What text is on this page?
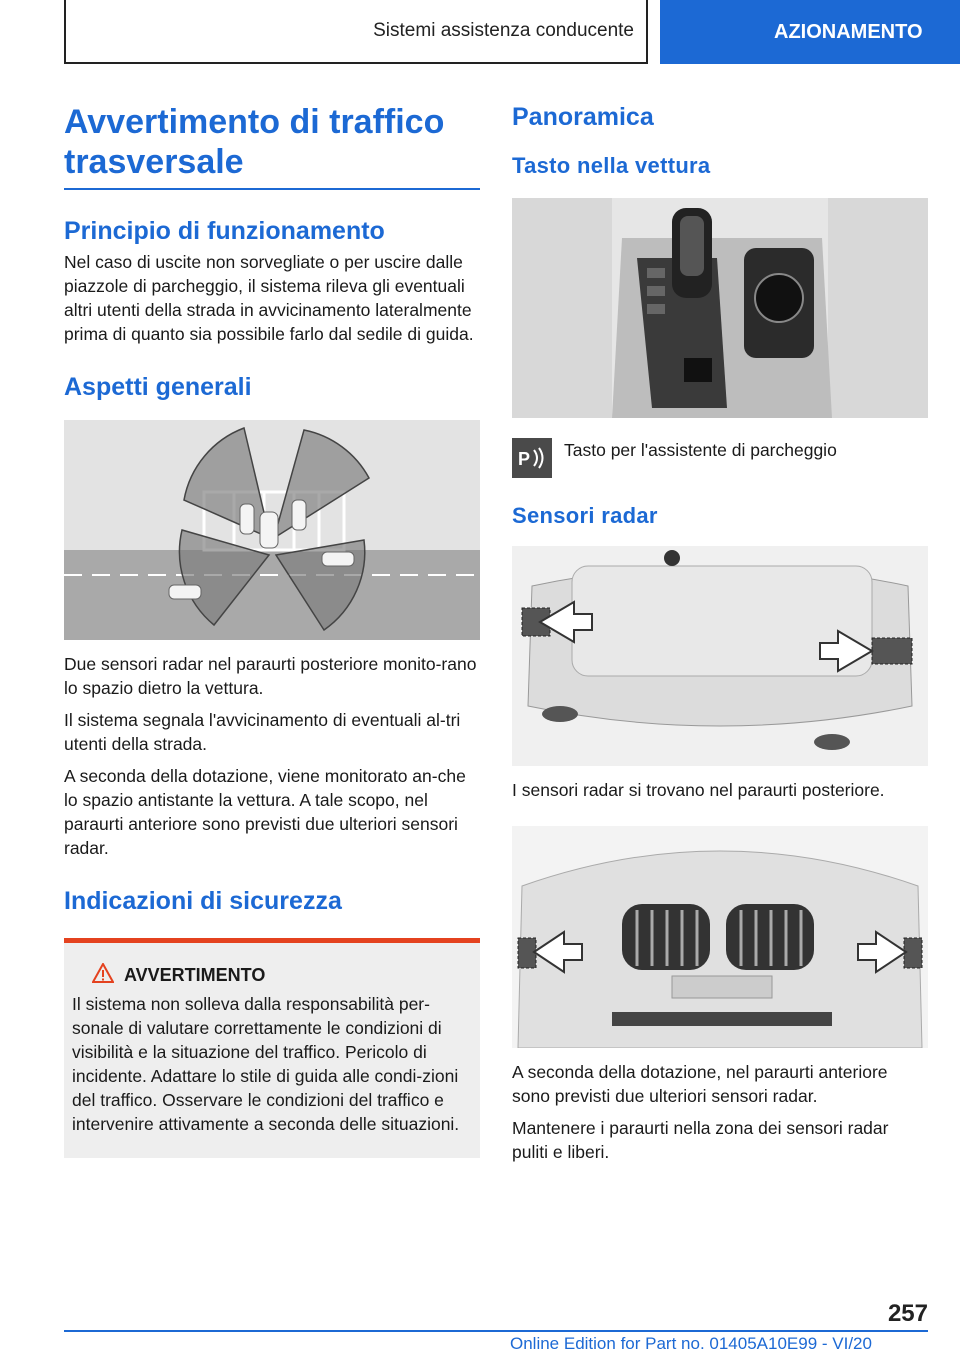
Sistemi assistenza conducente	AZIONAMENTO
Avvertimento di traffico trasversale
Principio di funzionamento

Nel caso di uscite non sorvegliate o per uscire dalle piazzole di parcheggio, il sistema rileva gli eventuali altri utenti della strada in avvicinamento lateralmente prima di quanto sia possibile farlo dal sedile di guida.

Aspetti generali

Due sensori radar nel paraurti posteriore monito-rano lo spazio dietro la vettura.

Il sistema segnala l'avvicinamento di eventuali al-tri utenti della strada.

A seconda della dotazione, viene monitorato an-che lo spazio antistante la vettura. A tale scopo, nel paraurti anteriore sono previsti due ulteriori sensori radar.

Indicazioni di sicurezza
AVVERTIMENTO

Il sistema non solleva dalla responsabilità per-sonale di valutare correttamente le condizioni di visibilità e la situazione del traffico. Pericolo di incidente. Adattare lo stile di guida alle condi-zioni del traffico. Osservare le condizioni del traffico e intervenire attivamente a seconda delle situazioni.

Panoramica
Tasto nella vettura
P Tasto per l'assistente di parcheggio

Sensori radar

I sensori radar si trovano nel paraurti posteriore.

A seconda della dotazione, nel paraurti anteriore sono previsti due ulteriori sensori radar.

Mantenere i paraurti nella zona dei sensori radar puliti e liberi.

257
Online Edition for Part no. 01405A10E99 - VI/20
